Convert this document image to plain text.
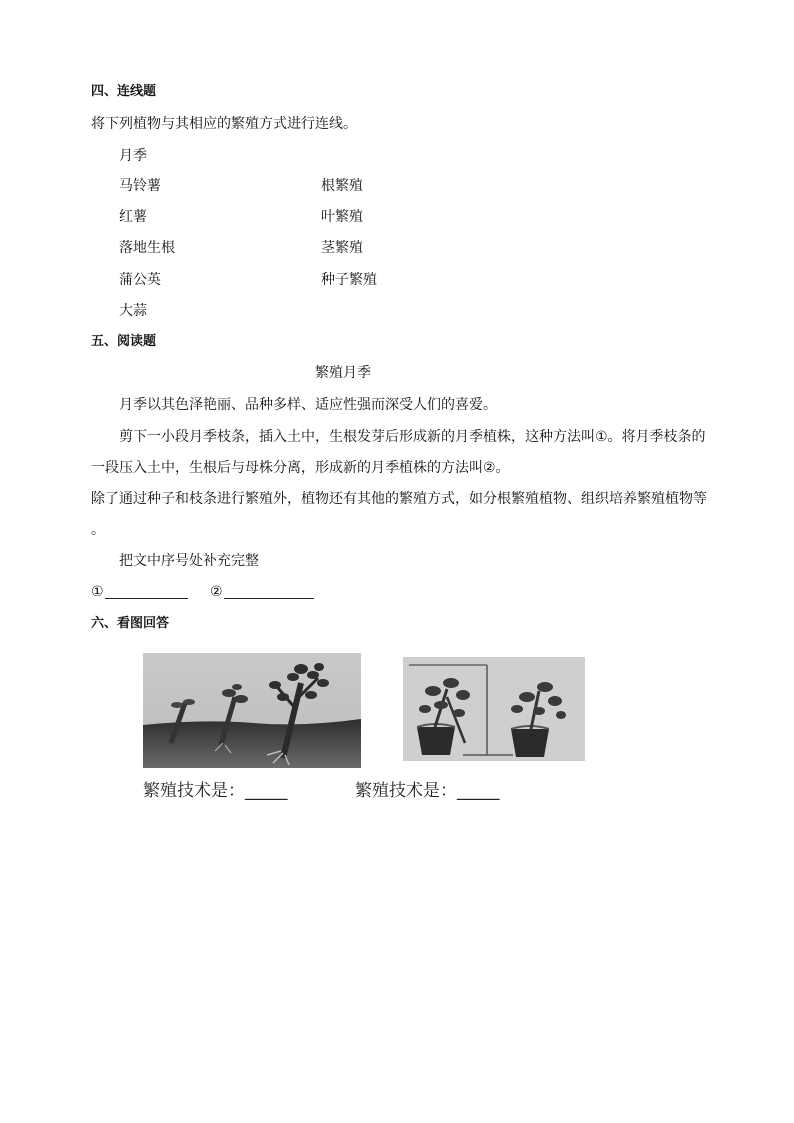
四、连线题
将下列植物与其相应的繁殖方式进行连线。
月季
马铃薯
红薯
落地生根
蒲公英
大蒜
根繁殖
叶繁殖
茎繁殖
种子繁殖
五、阅读题
繁殖月季
月季以其色泽艳丽、品种多样、适应性强而深受人们的喜爱。
剪下一小段月季枝条，插入土中，生根发芽后形成新的月季植株，这种方法叫①。将月季枝条的
一段压入土中，生根后与母株分离，形成新的月季植株的方法叫②。
除了通过种子和枝条进行繁殖外，植物还有其他的繁殖方式，如分根繁殖植物、组织培养繁殖植物等
。
把文中序号处补充完整
①	②
六、看图回答
繁殖技术是：_____	繁殖技术是：_____
